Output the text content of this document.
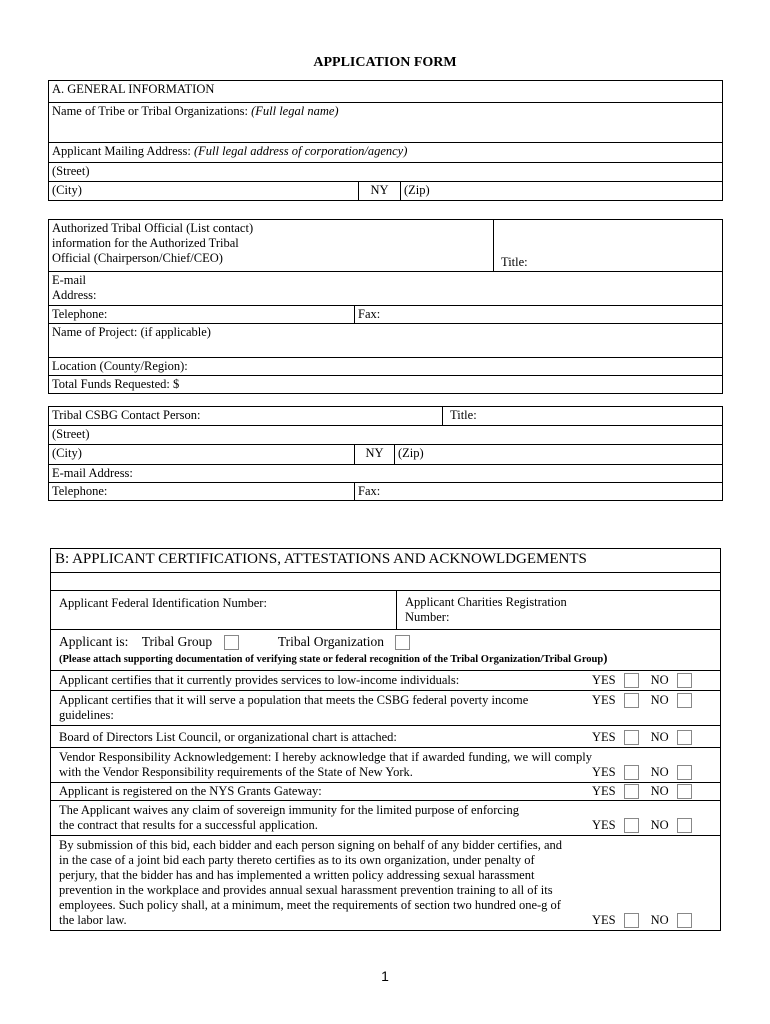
APPLICATION FORM
A. GENERAL INFORMATION
Name of Tribe or Tribal Organizations: (Full legal name)
Applicant Mailing Address: (Full legal address of corporation/agency)
(Street)
(City)	NY	(Zip)
Authorized Tribal Official (List contact)
information for the Authorized Tribal
Official (Chairperson/Chief/CEO)		Title:

E-mail
Address:		

Telephone:	Fax:	
Name of Project: (if applicable)		
Location (County/Region):		
Total Funds Requested: $		
Tribal CSBG Contact Person:			Title:
(Street)			
(City)	NY	(Zip)	
E-mail Address:			
Telephone:	Fax:		
B: APPLICANT CERTIFICATIONS, ATTESTATIONS AND ACKNOWLDGEMENTS

Applicant Federal Identification Number:	Applicant Charities Registration
Number:

Applicant is: Tribal Group	Tribal Organization
(Please attach supporting documentation of verifying state or federal recognition of the Tribal Organization/Tribal Group)

Applicant certifies that it currently provides services to low-income individuals:	YES	NO

Applicant certifies that it will serve a population that meets the CSBG federal poverty income guidelines:
YES	NO

Board of Directors List Council, or organizational chart is attached:	YES	NO

Vendor Responsibility Acknowledgement: I hereby acknowledge that if awarded funding, we will comply with the Vendor Responsibility requirements of the State of New York.	YES	NO

Applicant is registered on the NYS Grants Gateway:	YES	NO

The Applicant waives any claim of sovereign immunity for the limited purpose of enforcing the contract that results for a successful application.	YES	NO

By submission of this bid, each bidder and each person signing on behalf of any bidder certifies, and in the case of a joint bid each party thereto certifies as to its own organization, under penalty of perjury, that the bidder has and has implemented a written policy addressing sexual harassment prevention in the workplace and provides annual sexual harassment prevention training to all of its employees. Such policy shall, at a minimum, meet the requirements of section two hundred one-g of the labor law.	YES	NO
1
